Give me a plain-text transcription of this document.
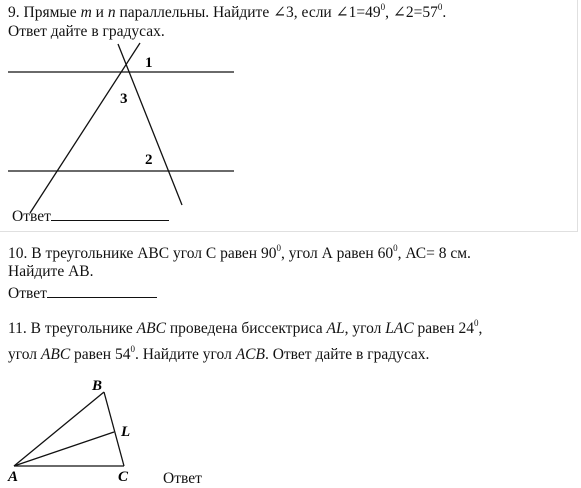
9. Прямые m и n параллельны. Найдите ∠3, если $\angle 1=49^0$, $\angle 2=57^0$.
Ответ дайте в градусах.
1
3
2
Ответ
10. В треугольнике АВС угол С равен $90^0$, угол А равен $60^0$, АС= 8 см.
Найдите АВ.
Ответ
11. В треугольнике ABC проведена биссектриса AL, угол LAC равен $24^0$,
угол ABC равен $54^0$. Найдите угол ACB. Ответ дайте в градусах.
B
L
A	C Ответ
